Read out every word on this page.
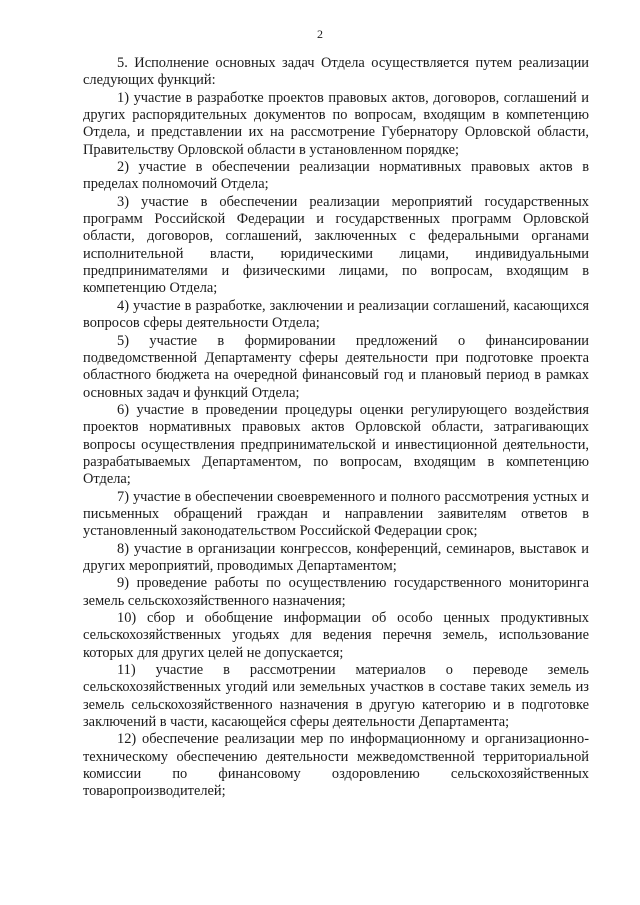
2

5. Исполнение основных задач Отдела осуществляется путем реализации следующих функций:

1) участие в разработке проектов правовых актов, договоров, соглашений и других распорядительных документов по вопросам, входящим в компетенцию Отдела, и представлении их на рассмотрение Губернатору Орловской области, Правительству Орловской области в установленном порядке;

2) участие в обеспечении реализации нормативных правовых актов в пределах полномочий Отдела;

3) участие в обеспечении реализации мероприятий государственных программ Российской Федерации и государственных программ Орловской области, договоров, соглашений, заключенных с федеральными органами исполнительной власти, юридическими лицами, индивидуальными предпринимателями и физическими лицами, по вопросам, входящим в компетенцию Отдела;

4) участие в разработке, заключении и реализации соглашений, касающихся вопросов сферы деятельности Отдела;

5) участие в формировании предложений о финансировании подведомственной Департаменту сферы деятельности при подготовке проекта областного бюджета на очередной финансовый год и плановый период в рамках основных задач и функций Отдела;

6) участие в проведении процедуры оценки регулирующего воздействия проектов нормативных правовых актов Орловской области, затрагивающих вопросы осуществления предпринимательской и инвестиционной деятельности, разрабатываемых Департаментом, по вопросам, входящим в компетенцию Отдела;

7) участие в обеспечении своевременного и полного рассмотрения устных и письменных обращений граждан и направлении заявителям ответов в установленный законодательством Российской Федерации срок;

8) участие в организации конгрессов, конференций, семинаров, выставок и других мероприятий, проводимых Департаментом;

9) проведение работы по осуществлению государственного мониторинга земель сельскохозяйственного назначения;

10) сбор и обобщение информации об особо ценных продуктивных сельскохозяйственных угодьях для ведения перечня земель, использование которых для других целей не допускается;

11) участие в рассмотрении материалов о переводе земель сельскохозяйственных угодий или земельных участков в составе таких земель из земель сельскохозяйственного назначения в другую категорию и в подготовке заключений в части, касающейся сферы деятельности Департамента;

12) обеспечение реализации мер по информационному и организационно-техническому обеспечению деятельности межведомственной территориальной комиссии по финансовому оздоровлению сельскохозяйственных товаропроизводителей;
